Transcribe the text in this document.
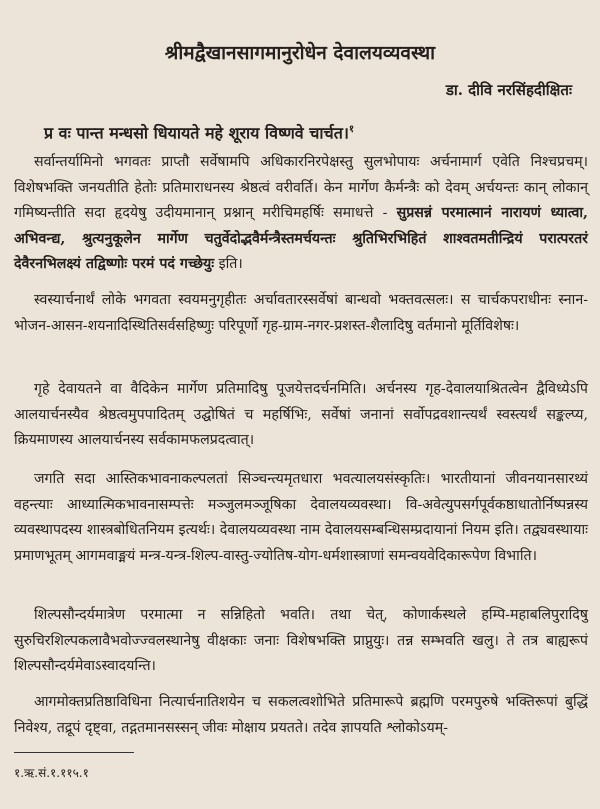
श्रीमद्वैखानसागमानुरोधेन देवालयव्यवस्था
डा. दीवि नरसिंहदीक्षितः
प्र वः पान्त मन्धसो धियायते महे शूराय विष्णवे चार्चत।$^१$

सर्वान्तर्यामिनो भगवतः प्राप्तौ सर्वेषामपि अधिकारनिरपेक्षस्तु सुलभोपायः अर्चनामार्ग एवेति निश्चप्रचम्। विशेषभक्ति जनयतीति हेतोः प्रतिमाराधनस्य श्रेष्ठत्वं वरीवर्ति। केन मार्गेण कैर्मन्त्रैः को देवम् अर्चयन्तः कान् लोकान् गमिष्यन्तीति सदा हृदयेषु उदीयमानान् प्रश्नान् मरीचिमहर्षिः समाधत्ते - सुप्रसन्नं परमात्मानं नारायणं ध्यात्वा, अभिवन्द्य, श्रुत्यनुकूलेन मार्गेण चतुर्वेदोद्भवैर्मन्त्रैस्तमर्चयन्तः श्रुतिभिरभिहितं शाश्वतमतीन्द्रियं परात्परतरं देवैरनभिलक्ष्यं तद्विष्णोः परमं पदं गच्छेयुः इति।

स्वस्यार्चनार्थं लोके भगवता स्वयमनुगृहीतः अर्चावतारस्सर्वेषां बान्धवो भक्तवत्सलः। स चार्चकपराधीनः स्नान-भोजन-आसन-शयनादिस्थितिसर्वसहिष्णुः परिपूर्णो गृह-ग्राम-नगर-प्रशस्त-शैलादिषु वर्तमानो मूर्तिविशेषः।

गृहे देवायतने वा वैदिकेन मार्गेण प्रतिमादिषु पूजयेत्तदर्चनमिति। अर्चनस्य गृह-देवालयाश्रितत्वेन द्वैविध्येऽपि आलयार्चनस्यैव श्रेष्ठत्वमुपपादितम् उद्घोषितं च महर्षिभिः, सर्वेषां जनानां सर्वोपद्रवशान्त्यर्थं स्वस्त्यर्थं सङ्कल्प्य, क्रियमाणस्य आलयार्चनस्य सर्वकामफलप्रदत्वात्।

जगति सदा आस्तिकभावनाकल्पलतां सिञ्चन्त्यमृतधारा भवत्यालयसंस्कृतिः। भारतीयानां जीवनयानसारथ्यं वहन्त्याः आध्यात्मिकभावनासम्पत्तेः मञ्जुलमञ्जूषिका देवालयव्यवस्था। वि-अवेत्युपसर्गपूर्वकष्ठाधातोर्निष्पन्नस्य व्यवस्थापदस्य शास्त्रबोधितनियम इत्यर्थः। देवालयव्यवस्था नाम देवालयसम्बन्धिसम्प्रदायानां नियम इति। तद्व्यवस्थायाः प्रमाणभूतम् आगमवाङ्मयं मन्त्र-यन्त्र-शिल्प-वास्तु-ज्योतिष-योग-धर्मशास्त्राणां समन्वयवेदिकारूपेण विभाति।

शिल्पसौन्दर्यमात्रेण परमात्मा न सन्निहितो भवति। तथा चेत्, कोणार्कस्थले हम्पि-महाबलिपुरादिषु सुरुचिरशिल्पकलावैभवोज्ज्वलस्थानेषु वीक्षकाः जनाः विशेषभक्ति प्राप्नुयुः। तन्न सम्भवति खलु। ते तत्र बाह्यरूपं शिल्पसौन्दर्यमेवाऽस्वादयन्ति।

आगमोक्तप्रतिष्ठाविधिना नित्यार्चनातिशयेन च सकलत्वशोभिते प्रतिमारूपे ब्रह्मणि परमपुरुषे भक्तिरूपां बुद्धिं निवेश्य, तद्रूपं दृष्ट्वा, तद्गतमानसस्सन् जीवः मोक्षाय प्रयतते। तदेव ज्ञापयति श्लोकोऽयम्-

१.ऋ.सं.१.११५.१
